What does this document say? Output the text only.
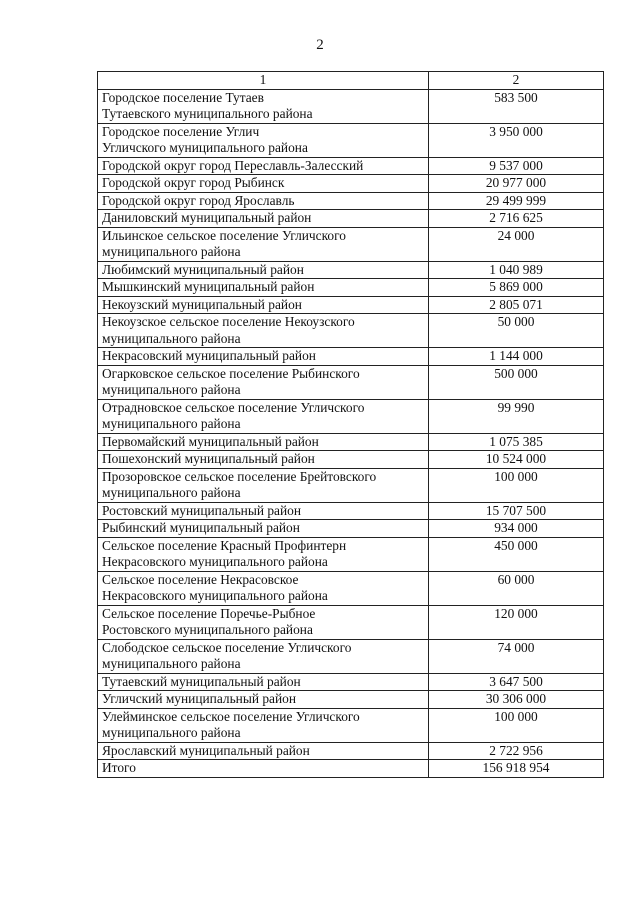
2
1	2
Городское поселение Тутаев
Тутаевского муниципального района	583 500
Городское поселение Углич
Угличского муниципального района	3 950 000
Городской округ город Переславль-Залесский	9 537 000
Городской округ город Рыбинск	20 977 000
Городской округ город Ярославль	29 499 999
Даниловский муниципальный район	2 716 625
Ильинское сельское поселение Угличского
муниципального района	24 000
Любимский муниципальный район	1 040 989
Мышкинский муниципальный район	5 869 000
Некоузский муниципальный район	2 805 071
Некоузское сельское поселение Некоузского
муниципального района	50 000
Некрасовский муниципальный район	1 144 000
Огарковское сельское поселение Рыбинского
муниципального района	500 000
Отрадновское сельское поселение Угличского
муниципального района	99 990
Первомайский муниципальный район	1 075 385
Пошехонский муниципальный район	10 524 000
Прозоровское сельское поселение Брейтовского
муниципального района	100 000
Ростовский муниципальный район	15 707 500
Рыбинский муниципальный район	934 000
Сельское поселение Красный Профинтерн
Некрасовского муниципального района	450 000
Сельское поселение Некрасовское
Некрасовского муниципального района	60 000
Сельское поселение Поречье-Рыбное
Ростовского муниципального района	120 000
Слободское сельское поселение Угличского
муниципального района	74 000
Тутаевский муниципальный район	3 647 500
Угличский муниципальный район	30 306 000
Улейминское сельское поселение Угличского
муниципального района	100 000
Ярославский муниципальный район	2 722 956
Итого	156 918 954
